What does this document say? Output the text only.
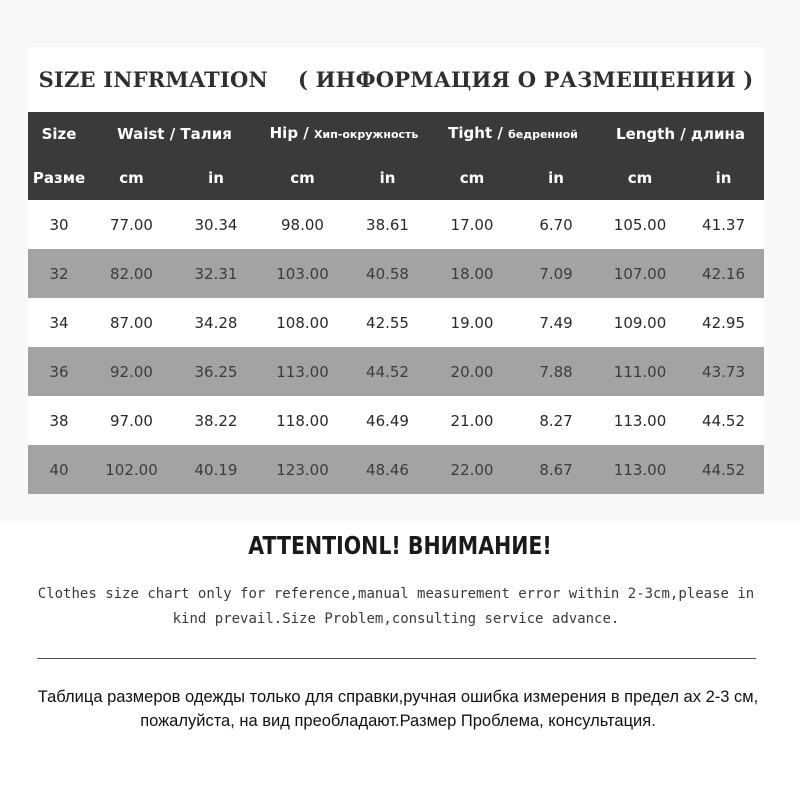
SIZE INFRMATION ( ИНФОРМАЦИЯ О РАЗМЕЩЕНИИ )
Size	Waist / Талия		Hip / Хип-окружность		Tight / бедренной		Length / длина	
Разме	cm	in	cm	in	cm	in	cm	in
30	77.00	30.34	98.00	38.61	17.00	6.70	105.00	41.37
32	82.00	32.31	103.00	40.58	18.00	7.09	107.00	42.16
34	87.00	34.28	108.00	42.55	19.00	7.49	109.00	42.95
36	92.00	36.25	113.00	44.52	20.00	7.88	111.00	43.73
38	97.00	38.22	118.00	46.49	21.00	8.27	113.00	44.52
40	102.00	40.19	123.00	48.46	22.00	8.67	113.00	44.52
ATTENTIONL! ВНИМАНИЕ!
Clothes size chart only for reference,manual measurement error within 2-3cm,please in kind prevail.Size Problem,consulting service advance.
Таблица размеров одежды только для справки,ручная ошибка измерения в предел ах 2-3 см, пожалуйста, на вид преобладают.Размер Проблема, консультация.
